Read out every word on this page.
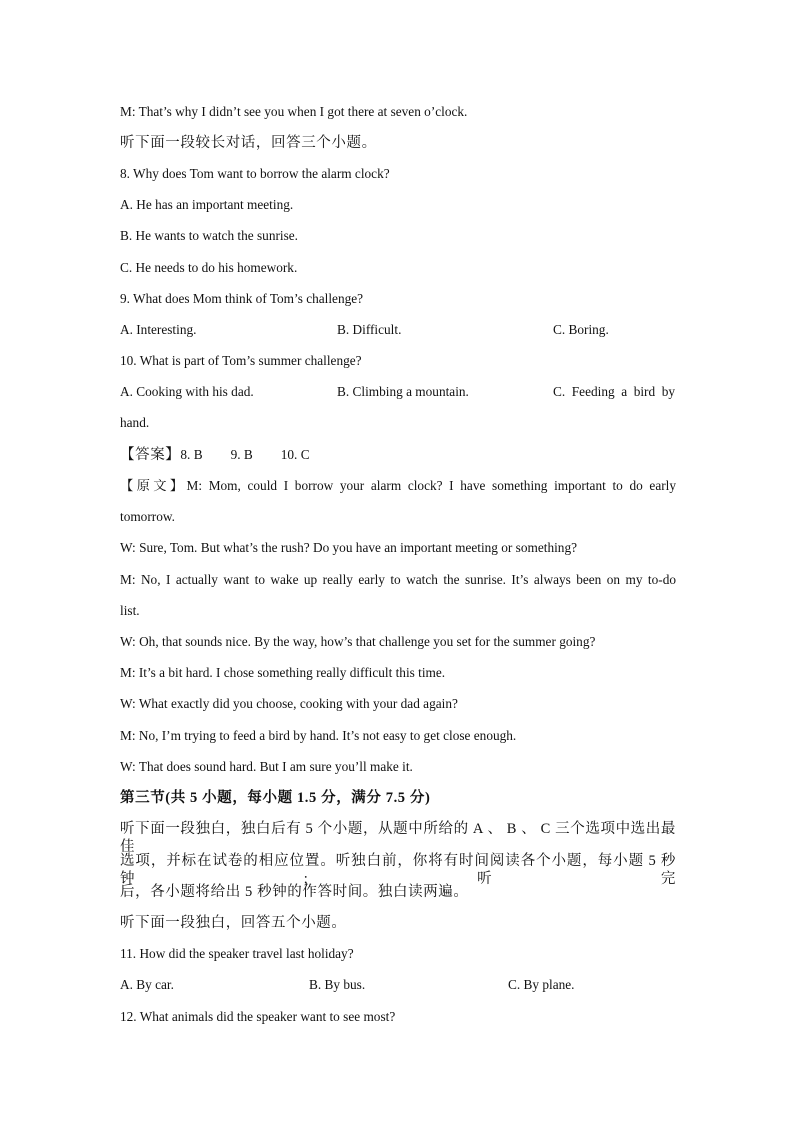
M: That’s why I didn’t see you when I got there at seven o’clock.
听下面一段较长对话，回答三个小题。
8. Why does Tom want to borrow the alarm clock?
A. He has an important meeting.
B. He wants to watch the sunrise.
C. He needs to do his homework.
9. What does Mom think of Tom’s challenge?
A. Interesting.	B. Difficult.	C. Boring.
10. What is part of Tom’s summer challenge?
A. Cooking with his dad.	B. Climbing a mountain.	C. Feeding a bird by
hand.
【答案】8. B 9. B 10. C
【原文】M: Mom, could I borrow your alarm clock? I have something important to do early
tomorrow.
W: Sure, Tom. But what’s the rush? Do you have an important meeting or something?
M: No, I actually want to wake up really early to watch the sunrise. It’s always been on my to-do
list.
W: Oh, that sounds nice. By the way, how’s that challenge you set for the summer going?
M: It’s a bit hard. I chose something really difficult this time.
W: What exactly did you choose, cooking with your dad again?
M: No, I’m trying to feed a bird by hand. It’s not easy to get close enough.
W: That does sound hard. But I am sure you’ll make it.
第三节(共 5 小题，每小题 1.5 分，满分 7.5 分)
听下面一段独白，独白后有 5 个小题，从题中所给的 A 、 B 、 C 三个选项中选出最佳
选项，并标在试卷的相应位置。听独白前，你将有时间阅读各个小题，每小题 5 秒钟;听完
后，各小题将给出 5 秒钟的作答时间。独白读两遍。
听下面一段独白，回答五个小题。
11. How did the speaker travel last holiday?
A. By car.	B. By bus.	C. By plane.
12. What animals did the speaker want to see most?
